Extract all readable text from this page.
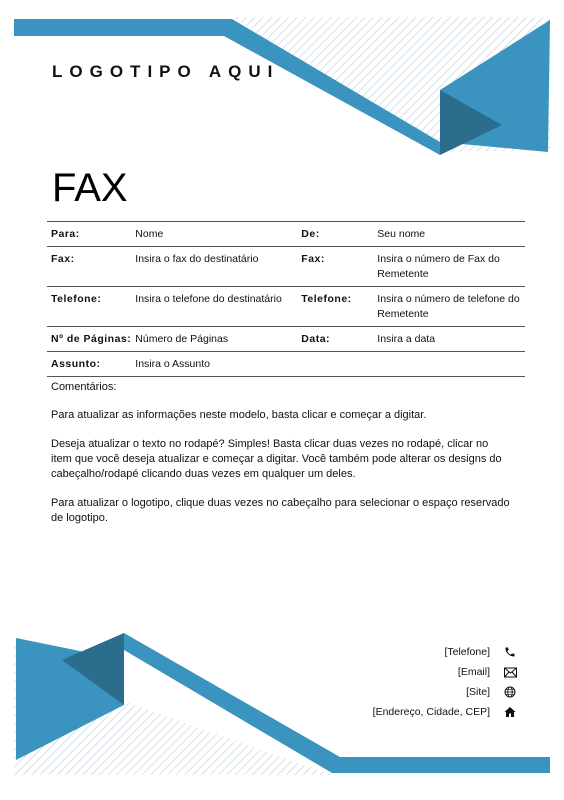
LOGOTIPO AQUI
FAX
Para:	Nome	De:	Seu nome
Fax:	Insira o fax do destinatário	Fax:	Insira o número de Fax do Remetente
Telefone:	Insira o telefone do destinatário	Telefone:	Insira o número de telefone do Remetente
Nº de Páginas:	Número de Páginas	Data:	Insira a data
Assunto:	Insira o Assunto		
Comentários:

Para atualizar as informações neste modelo, basta clicar e começar a digitar.

Deseja atualizar o texto no rodapé? Simples! Basta clicar duas vezes no rodapé, clicar no item que você deseja atualizar e começar a digitar. Você também pode alterar os designs do cabeçalho/rodapé clicando duas vezes em qualquer um deles.

Para atualizar o logotipo, clique duas vezes no cabeçalho para selecionar o espaço reservado de logotipo.

[Telefone]
[Email]
[Site]
[Endereço, Cidade, CEP]
